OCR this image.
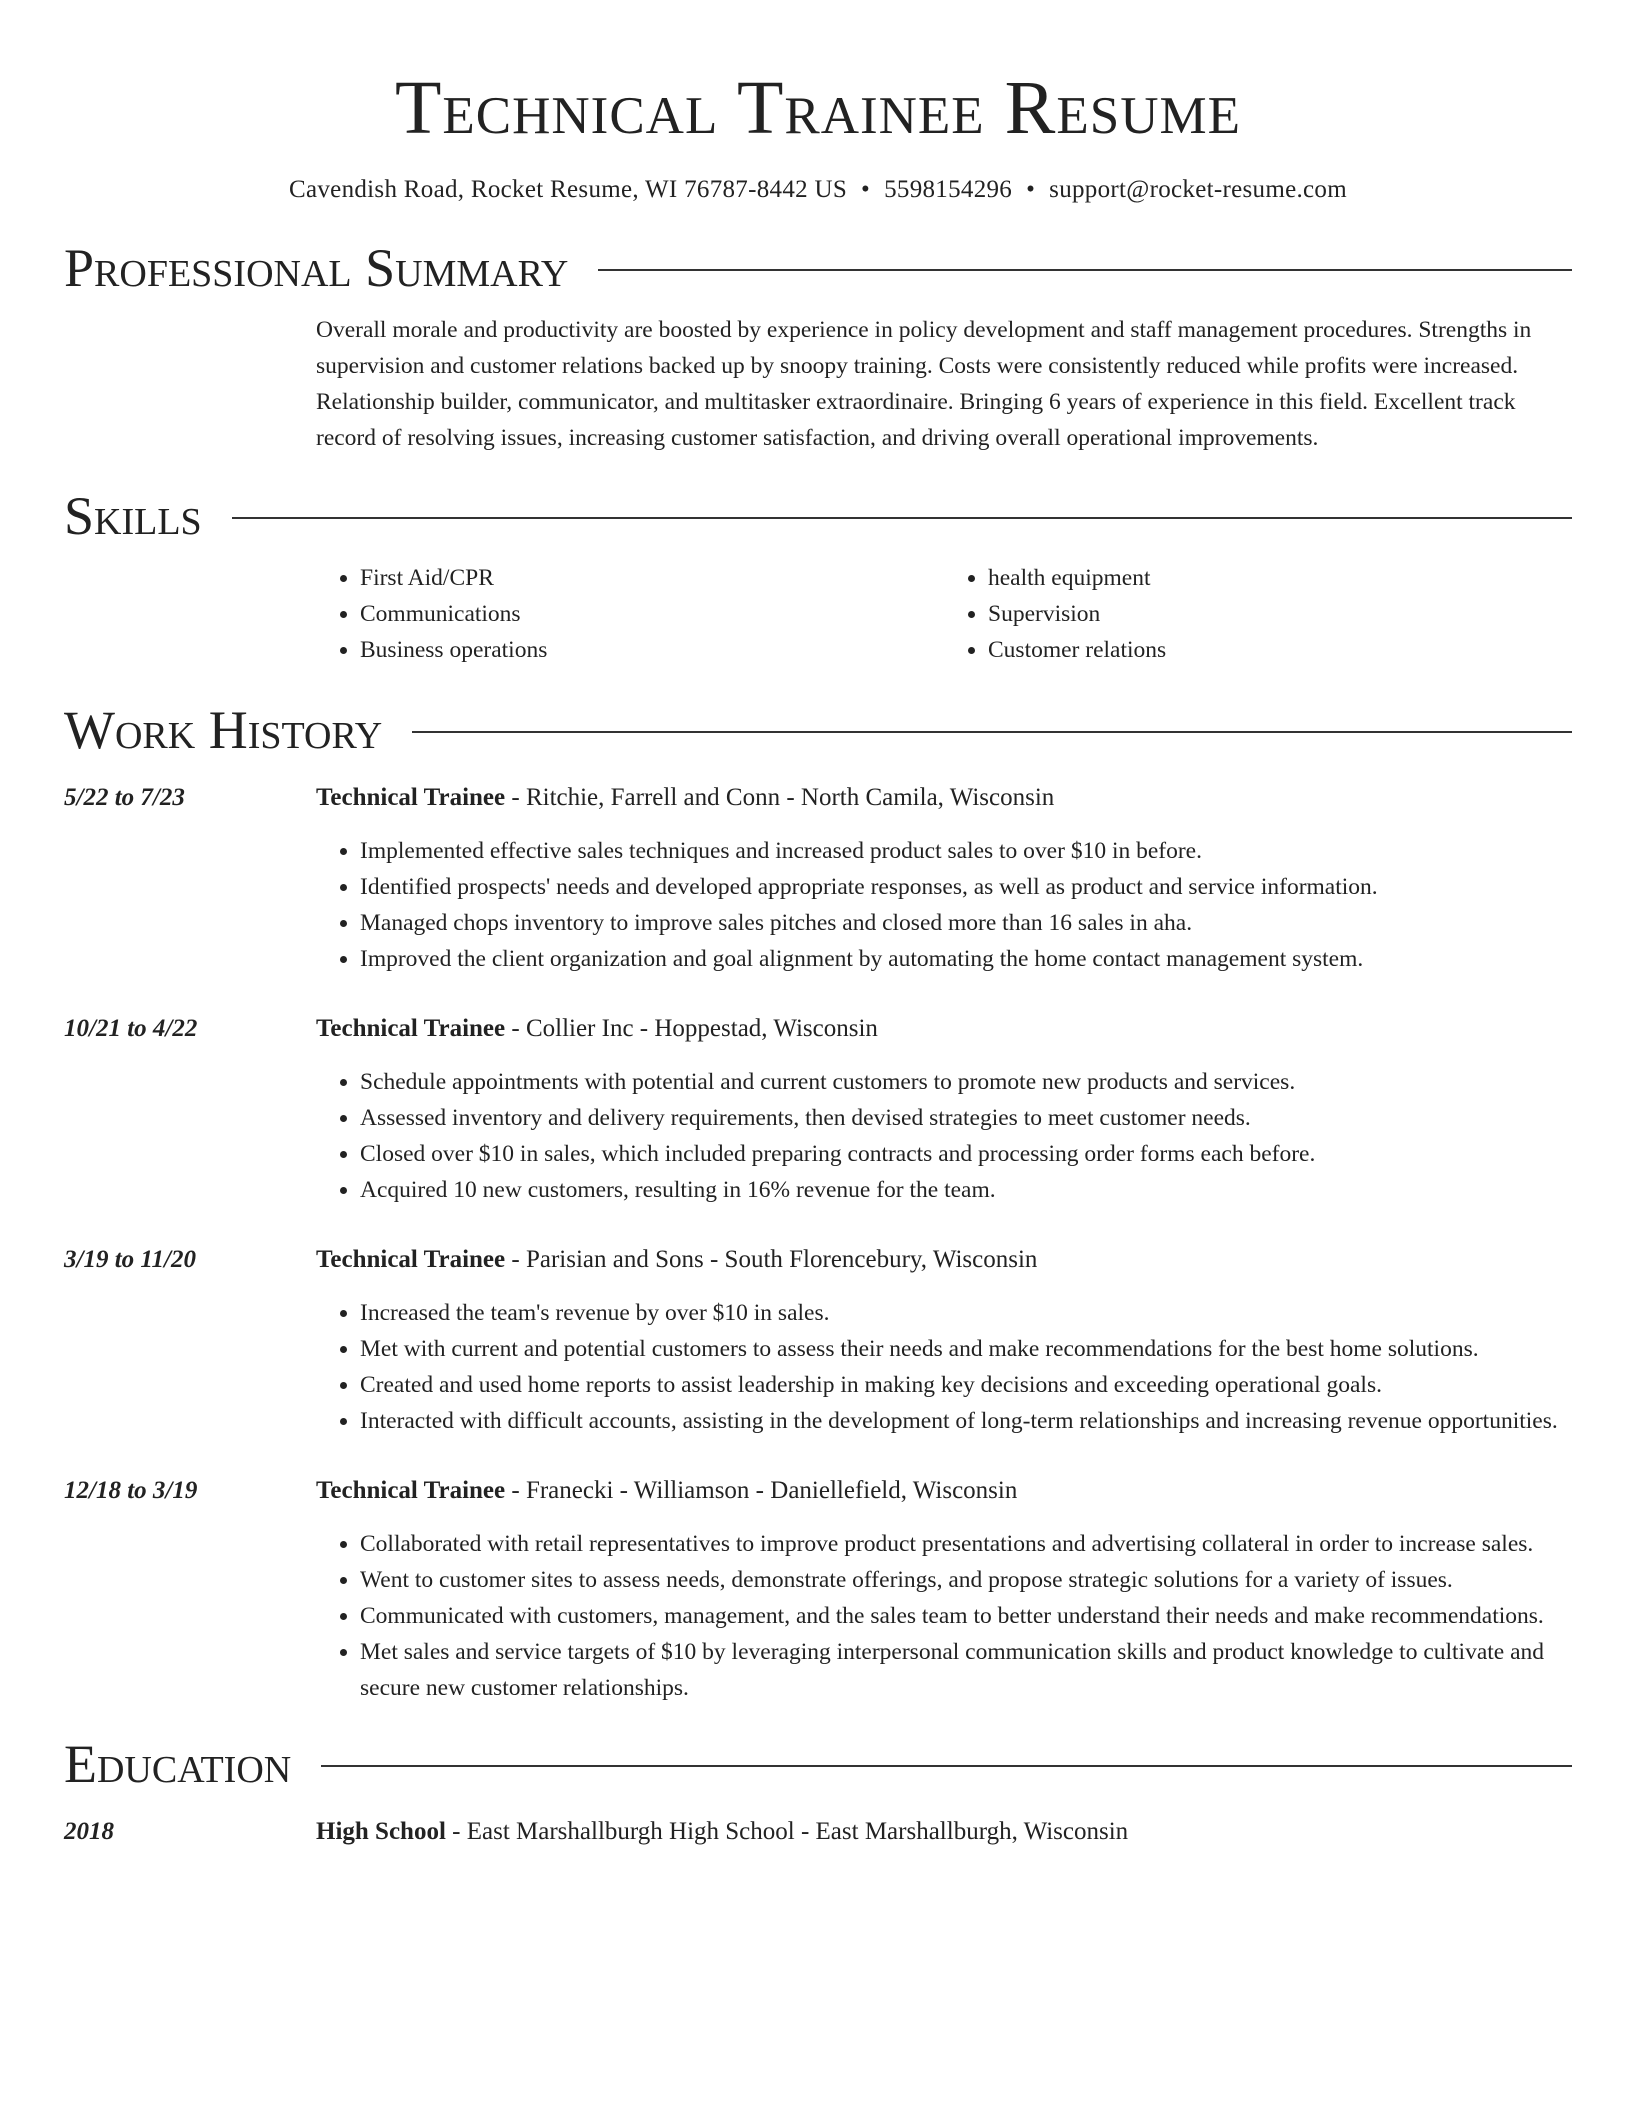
Technical Trainee Resume
Cavendish Road, Rocket Resume, WI 76787-8442 US • 5598154296 • support@rocket-resume.com
Professional Summary

Overall morale and productivity are boosted by experience in policy development and staff management procedures. Strengths in supervision and customer relations backed up by snoopy training. Costs were consistently reduced while profits were increased. Relationship builder, communicator, and multitasker extraordinaire. Bringing 6 years of experience in this field. Excellent track record of resolving issues, increasing customer satisfaction, and driving overall operational improvements.

Skills
• First Aid/CPR
• Communications
• Business operations
• health equipment
• Supervision
• Customer relations
Work History
5/22 to 7/23	Technical Trainee - Ritchie, Farrell and Conn - North Camila, Wisconsin

• Implemented effective sales techniques and increased product sales to over $10 in before.
• Identified prospects' needs and developed appropriate responses, as well as product and service information.
• Managed chops inventory to improve sales pitches and closed more than 16 sales in aha.
• Improved the client organization and goal alignment by automating the home contact management system.
10/21 to 4/22	Technical Trainee - Collier Inc - Hoppestad, Wisconsin

• Schedule appointments with potential and current customers to promote new products and services.
• Assessed inventory and delivery requirements, then devised strategies to meet customer needs.
• Closed over $10 in sales, which included preparing contracts and processing order forms each before.
• Acquired 10 new customers, resulting in 16% revenue for the team.
3/19 to 11/20	Technical Trainee - Parisian and Sons - South Florencebury, Wisconsin

• Increased the team's revenue by over $10 in sales.
• Met with current and potential customers to assess their needs and make recommendations for the best home solutions.
• Created and used home reports to assist leadership in making key decisions and exceeding operational goals.
• Interacted with difficult accounts, assisting in the development of long-term relationships and increasing revenue opportunities.
12/18 to 3/19	Technical Trainee - Franecki - Williamson - Daniellefield, Wisconsin

• Collaborated with retail representatives to improve product presentations and advertising collateral in order to increase sales.
• Went to customer sites to assess needs, demonstrate offerings, and propose strategic solutions for a variety of issues.
• Communicated with customers, management, and the sales team to better understand their needs and make recommendations.
• Met sales and service targets of $10 by leveraging interpersonal communication skills and product knowledge to cultivate and secure new customer relationships.
Education
2018	High School - East Marshallburgh High School - East Marshallburgh, Wisconsin
